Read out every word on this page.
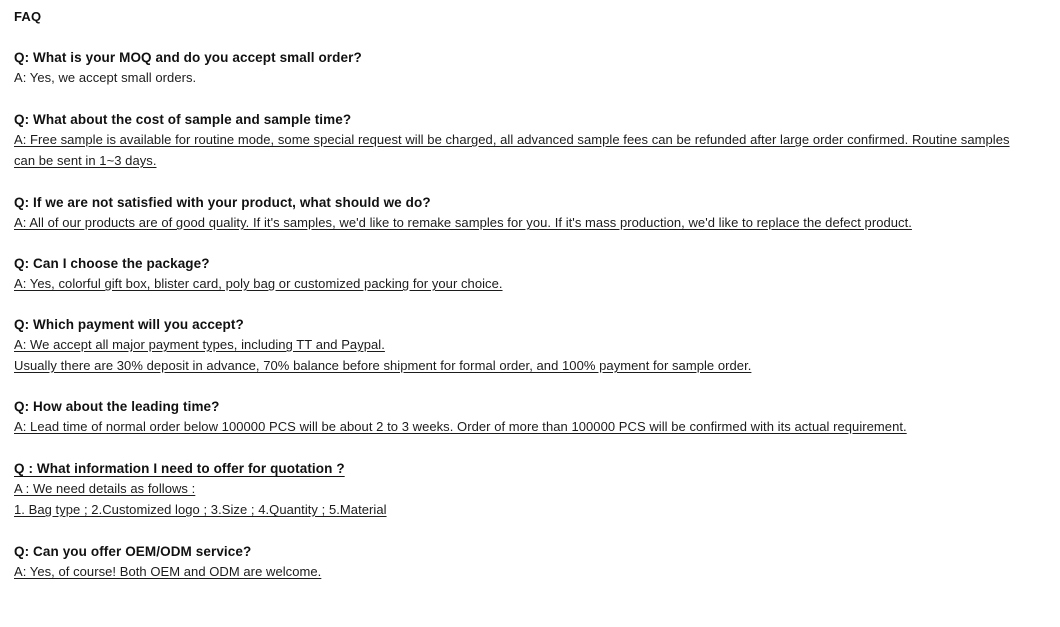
FAQ
Q: What is your MOQ and do you accept small order?
A: Yes, we accept small orders.
Q: What about the cost of sample and sample time?
A: Free sample is available for routine mode, some special request will be charged, all advanced sample fees can be refunded after large order confirmed. Routine samples
can be sent in 1~3 days.
Q: If we are not satisfied with your product, what should we do?
A: All of our products are of good quality. If it's samples, we'd like to remake samples for you. If it's mass production, we'd like to replace the defect product.
Q: Can I choose the package?
A: Yes, colorful gift box, blister card, poly bag or customized packing for your choice.
Q: Which payment will you accept?
A: We accept all major payment types, including TT and Paypal.
Usually there are 30% deposit in advance, 70% balance before shipment for formal order, and 100% payment for sample order.
Q: How about the leading time?
A: Lead time of normal order below 100000 PCS will be about 2 to 3 weeks. Order of more than 100000 PCS will be confirmed with its actual requirement.
Q : What information I need to offer for quotation ?
A : We need details as follows :
1. Bag type ; 2.Customized logo ; 3.Size ; 4.Quantity ; 5.Material
Q: Can you offer OEM/ODM service?
A: Yes, of course! Both OEM and ODM are welcome.
